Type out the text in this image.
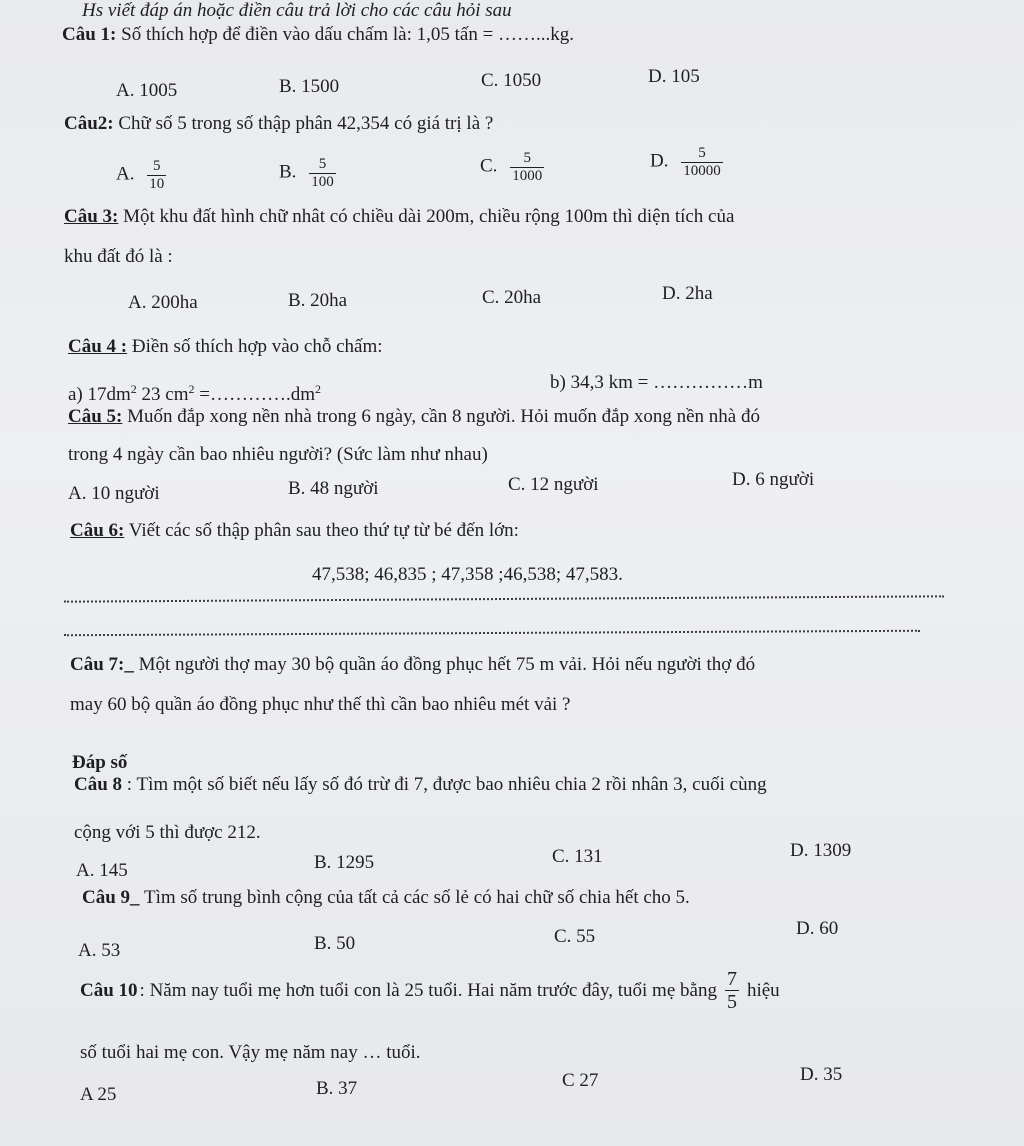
Hs viết đáp án hoặc điền câu trả lời cho các câu hỏi sau
Câu 1: Số thích hợp để điền vào dấu chấm là: 1,05 tấn = ……...kg.
A. 1005	B. 1500	C. 1050	D. 105
Câu2: Chữ số 5 trong số thập phân 42,354 có giá trị là ?
A. $\frac{5}{10}$	B. $\frac{5}{100}$	C. $\frac{5}{1000}$	D. $\frac{5}{10000}$
Câu 3: Một khu đất hình chữ nhât có chiều dài 200m, chiều rộng 100m thì diện tích của
khu đất đó là :
A. 200ha	B. 20ha	C. 20ha	D. 2ha
Câu 4 : Điền số thích hợp vào chỗ chấm:
a) $17dm^2$ 23 $cm^2$ $=\dots\dots\dots\dots.dm^2$	b) 34,3 km = ……………m
Câu 5: Muốn đắp xong nền nhà trong 6 ngày, cần 8 người. Hỏi muốn đắp xong nền nhà đó
trong 4 ngày cần bao nhiêu người? (Sức làm như nhau)
A. 10 người	B. 48 người	C. 12 người	D. 6 người
Câu 6: Viết các số thập phân sau theo thứ tự từ bé đến lớn:
47,538; 46,835 ; 47,358 ;46,538; 47,583.
Câu 7:_ Một người thợ may 30 bộ quần áo đồng phục hết 75 m vải. Hỏi nếu người thợ đó
may 60 bộ quần áo đồng phục như thế thì cần bao nhiêu mét vải ?
Đáp số
Câu 8 : Tìm một số biết nếu lấy số đó trừ đi 7, được bao nhiêu chia 2 rồi nhân 3, cuối cùng
cộng với 5 thì được 212.
A. 145	B. 1295	C. 131	D. 1309
Câu 9_ Tìm số trung bình cộng của tất cả các số lẻ có hai chữ số chia hết cho 5.
A. 53	B. 50	C. 55	D. 60
Câu 10 : Năm nay tuổi mẹ hơn tuổi con là 25 tuổi. Hai năm trước đây, tuổi mẹ bằng $\frac{7}{5}$ hiệu
số tuổi hai mẹ con. Vậy mẹ năm nay … tuổi.
A 25	B. 37	C 27	D. 35
